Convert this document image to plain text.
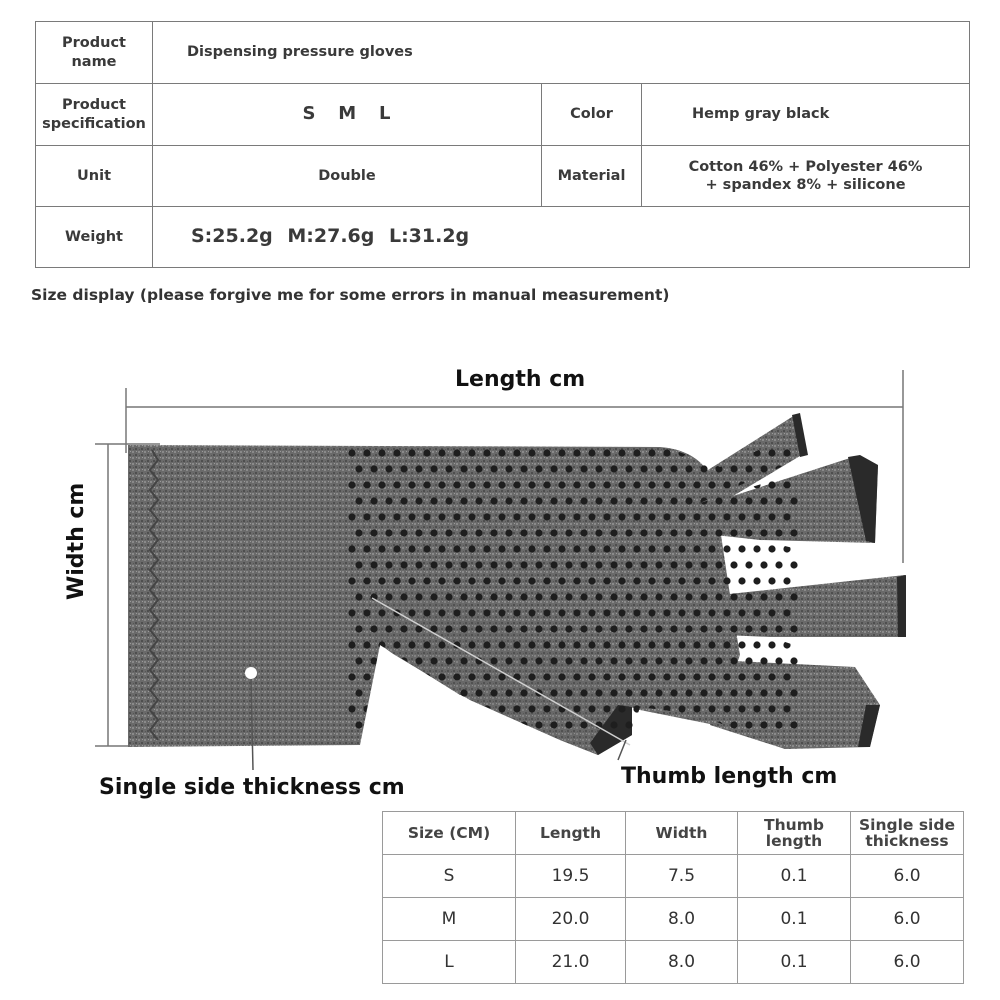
Product name	Dispensing pressure gloves		
Product specification	S   M   L	Color	Hemp gray black
Unit	Double	Material	Cotton 46% + Polyester 46% + spandex 8% + silicone
Weight	S:25.2g M:27.6g L:31.2g		
Size display (please forgive me for some errors in manual measurement)
Length cm
Width cm
Single side thickness cm	Thumb length cm
Size (CM)	Length	Width	Thumb length	Single side thickness
S	19.5	7.5	0.1	6.0
M	20.0	8.0	0.1	6.0
L	21.0	8.0	0.1	6.0
